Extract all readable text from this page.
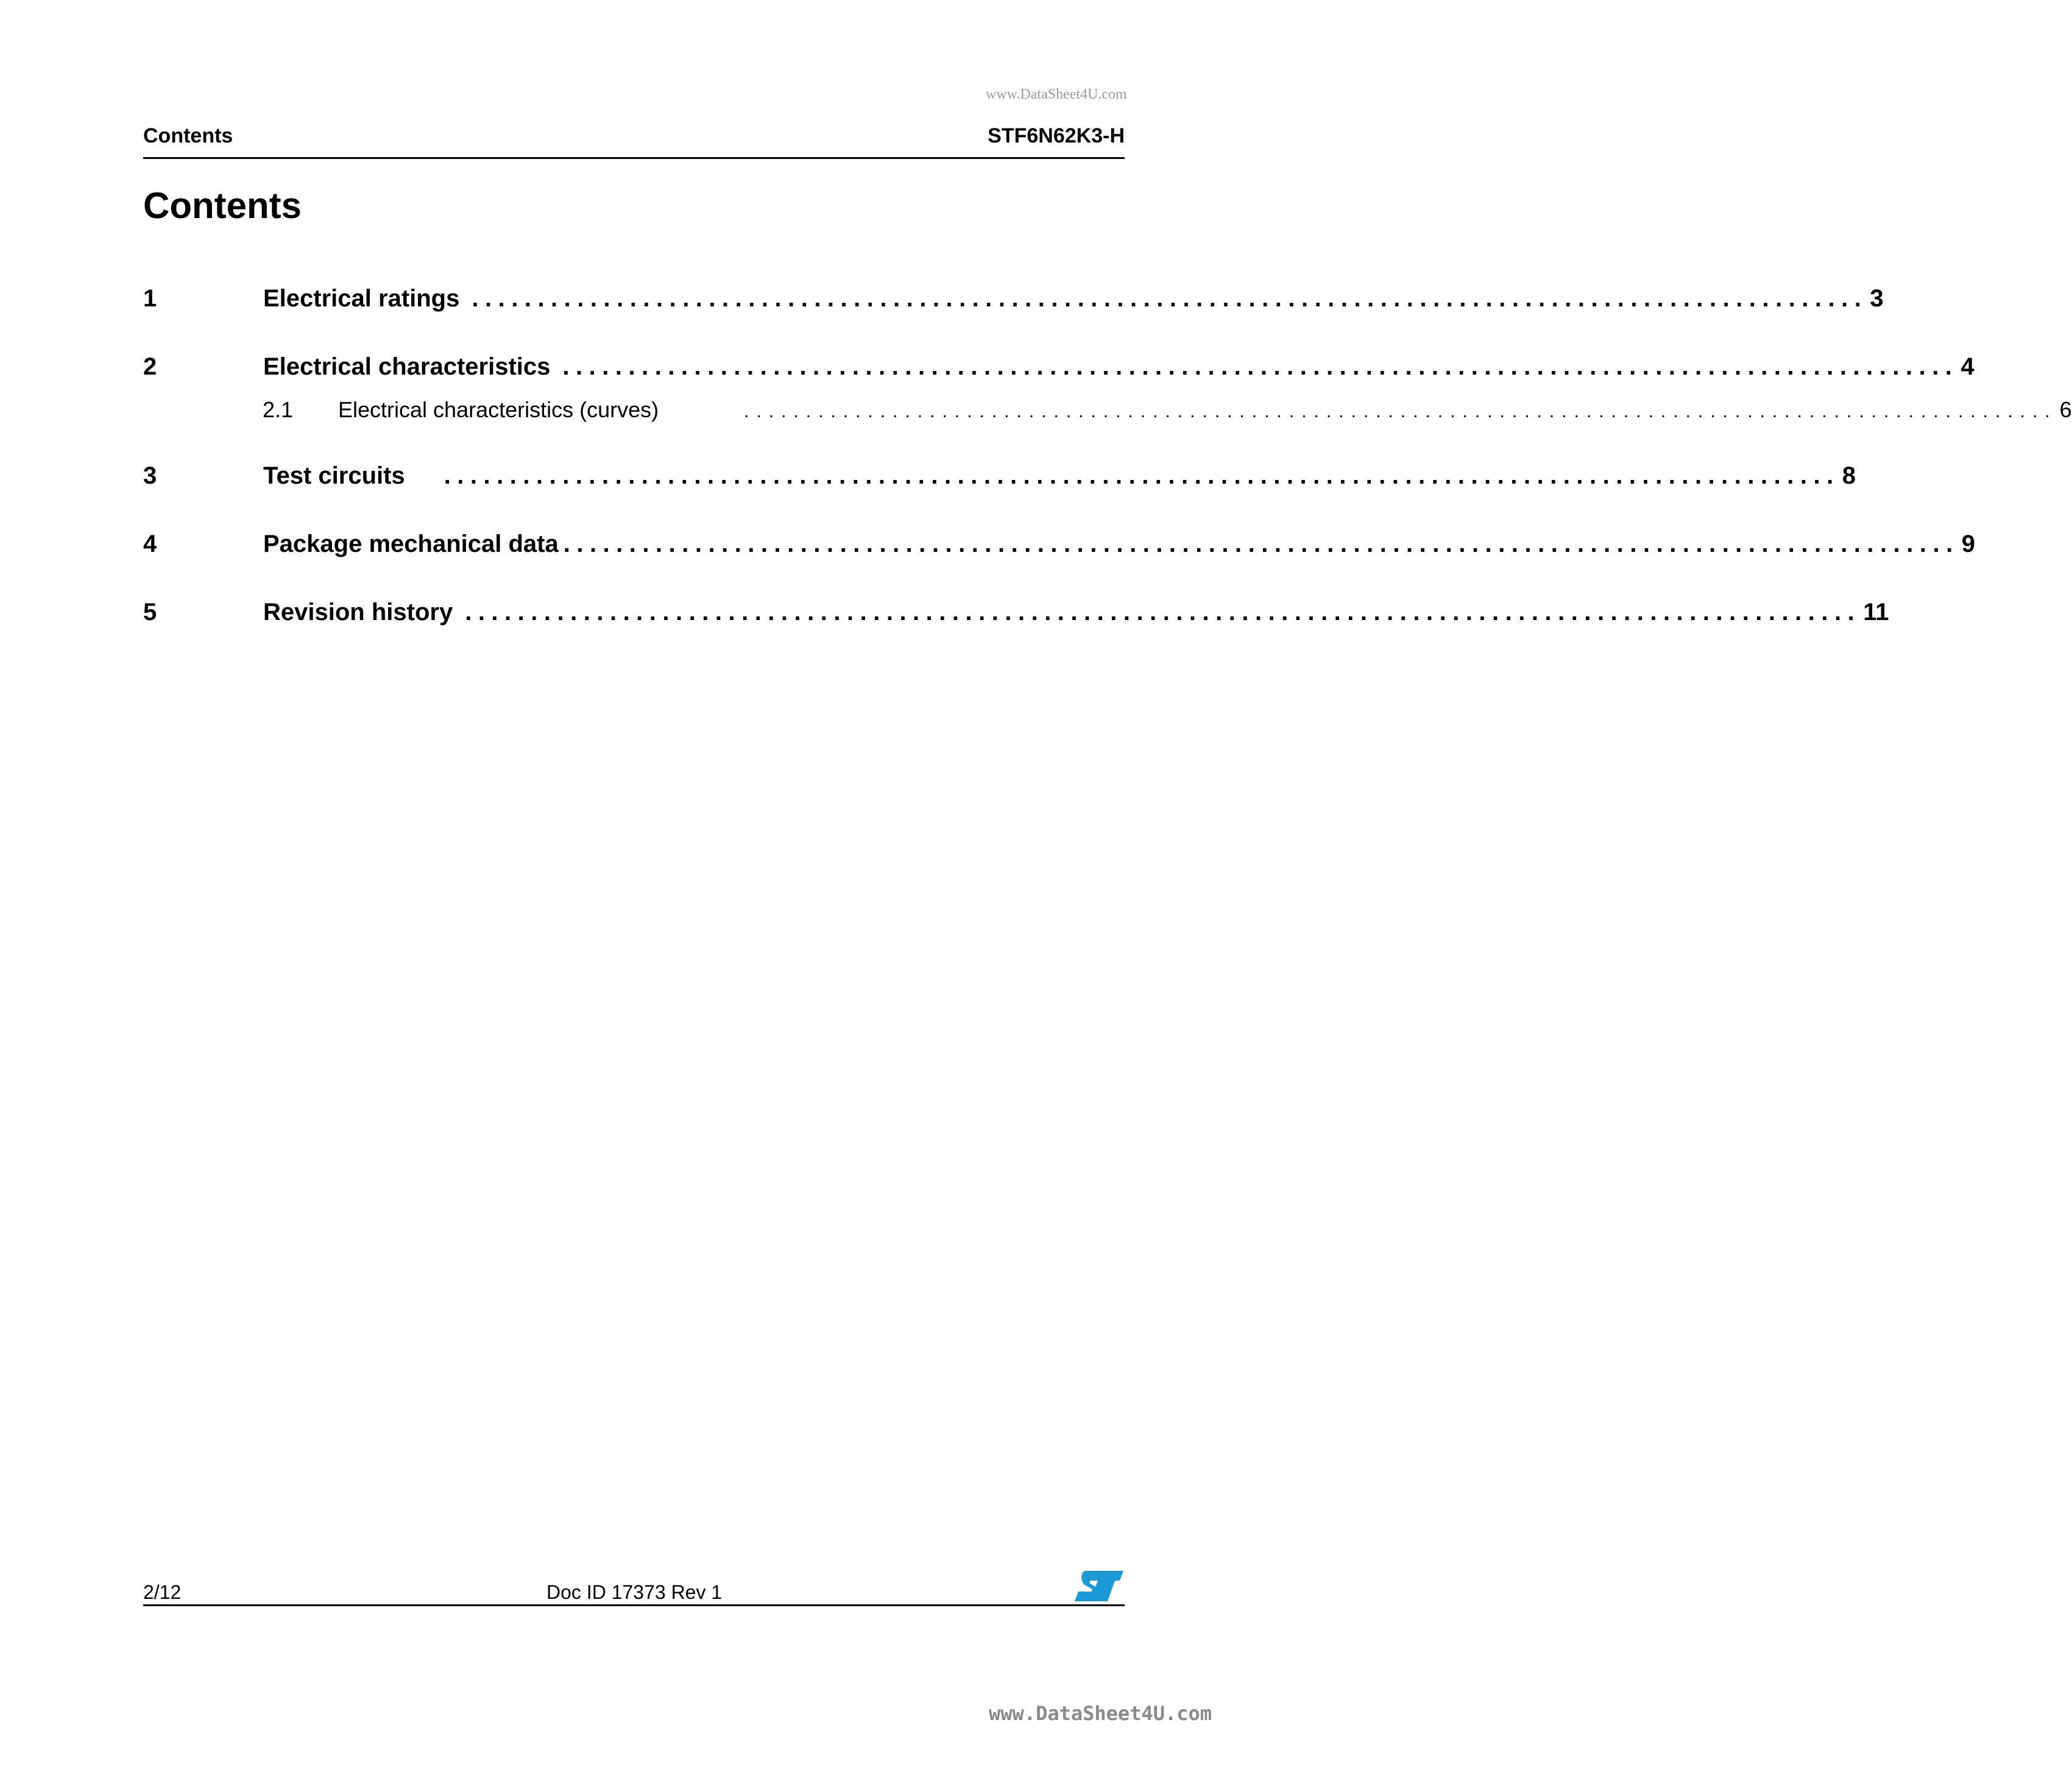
www.DataSheet4U.com
Contents	STF6N62K3-H
Contents
1	Electrical ratings .......................................................................................................... 3
2	Electrical characteristics .......................................................................................................... 4
2.1 Electrical characteristics (curves)	.......................................................................................................... 6
3	Test circuits	.......................................................................................................... 8
4	Package mechanical data .......................................................................................................... 9
5	Revision history .......................................................................................................... 11
2/12	Doc ID 17373 Rev 1
www.DataSheet4U.com
